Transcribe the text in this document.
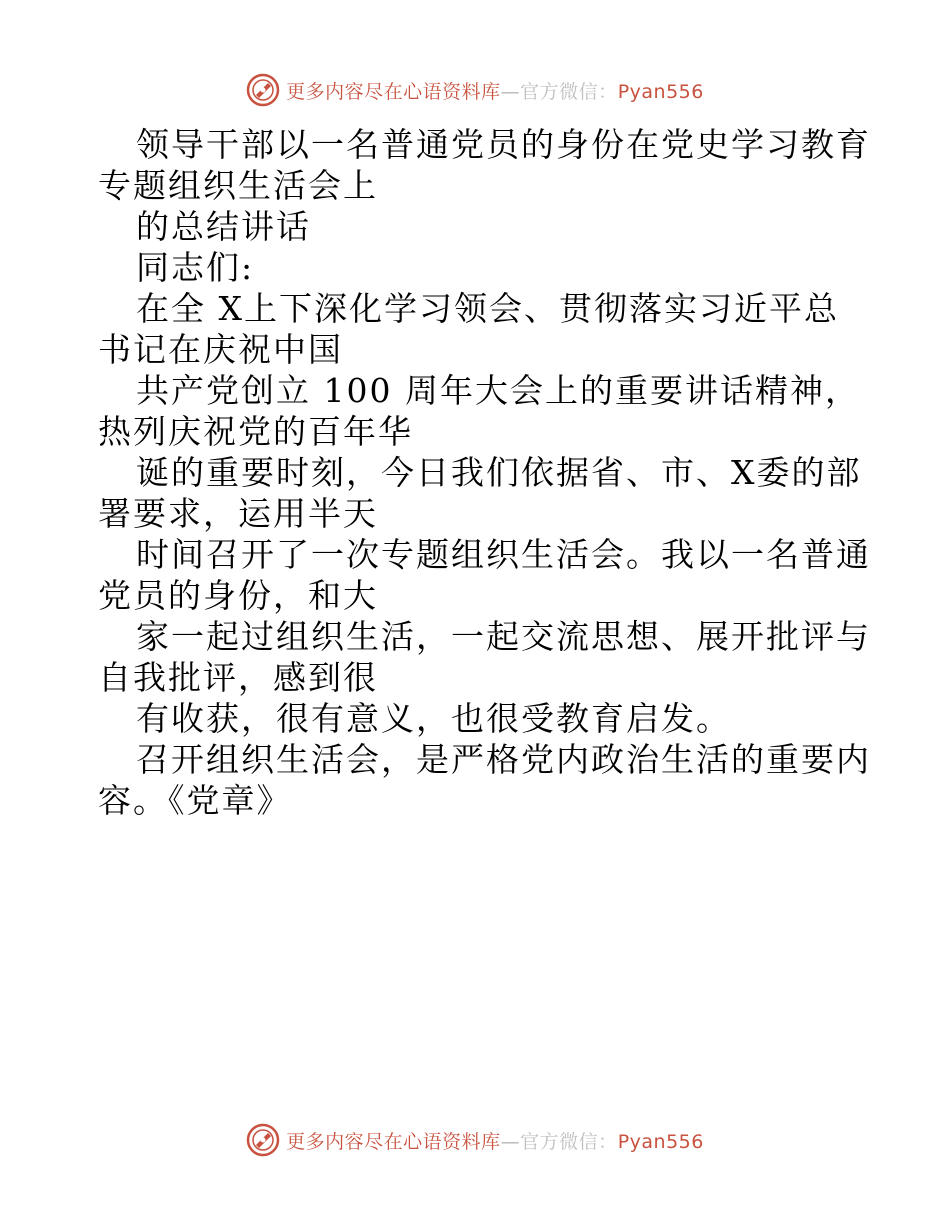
更多内容尽在心语资料库—官方微信：Pyan556
领导干部以一名普通党员的身份在党史学习教育
专题组织生活会上
的总结讲话
同志们:
在全 X上下深化学习领会、贯彻落实习近平总
书记在庆祝中国
共产党创立 100 周年大会上的重要讲话精神，
热列庆祝党的百年华
诞的重要时刻，今日我们依据省、市、X委的部
署要求，运用半天
时间召开了一次专题组织生活会。我以一名普通
党员的身份，和大
家一起过组织生活，一起交流思想、展开批评与
自我批评，感到很
有收获，很有意义，也很受教育启发。
召开组织生活会，是严格党内政治生活的重要内
容。《党章》
更多内容尽在心语资料库—官方微信：Pyan556
